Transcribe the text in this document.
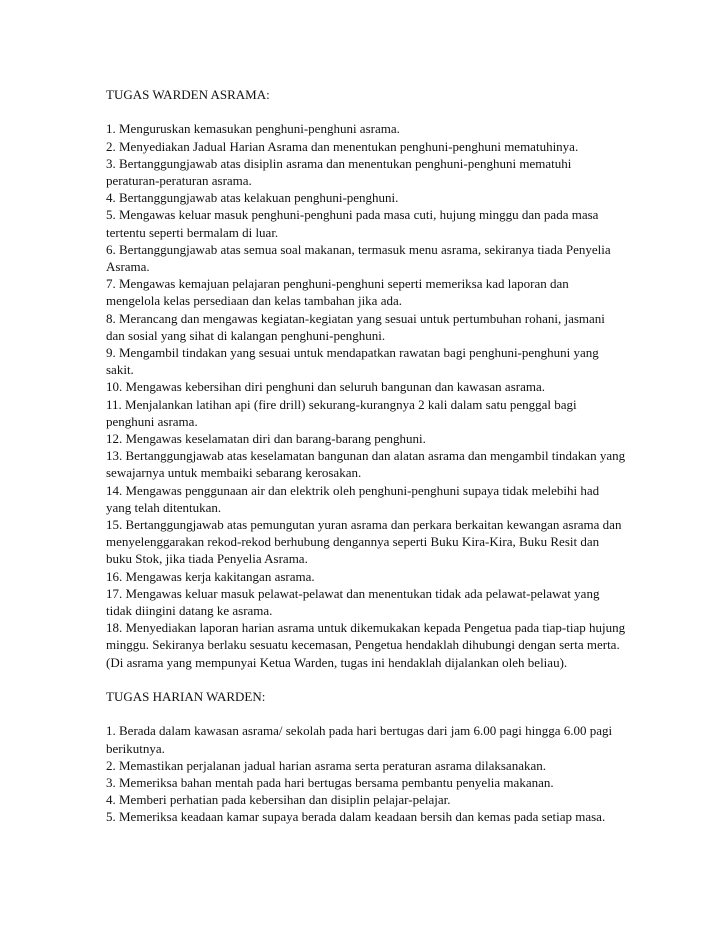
TUGAS WARDEN ASRAMA:

1. Menguruskan kemasukan penghuni-penghuni asrama.

2. Menyediakan Jadual Harian Asrama dan menentukan penghuni-penghuni mematuhinya.

3. Bertanggungjawab atas disiplin asrama dan menentukan penghuni-penghuni mematuhi peraturan-peraturan asrama.

4. Bertanggungjawab atas kelakuan penghuni-penghuni.

5. Mengawas keluar masuk penghuni-penghuni pada masa cuti, hujung minggu dan pada masa tertentu seperti bermalam di luar.

6. Bertanggungjawab atas semua soal makanan, termasuk menu asrama, sekiranya tiada Penyelia Asrama.

7. Mengawas kemajuan pelajaran penghuni-penghuni seperti memeriksa kad laporan dan mengelola kelas persediaan dan kelas tambahan jika ada.

8. Merancang dan mengawas kegiatan-kegiatan yang sesuai untuk pertumbuhan rohani, jasmani dan sosial yang sihat di kalangan penghuni-penghuni.

9. Mengambil tindakan yang sesuai untuk mendapatkan rawatan bagi penghuni-penghuni yang sakit.

10. Mengawas kebersihan diri penghuni dan seluruh bangunan dan kawasan asrama.

11. Menjalankan latihan api (fire drill) sekurang-kurangnya 2 kali dalam satu penggal bagi penghuni asrama.

12. Mengawas keselamatan diri dan barang-barang penghuni.

13. Bertanggungjawab atas keselamatan bangunan dan alatan asrama dan mengambil tindakan yang sewajarnya untuk membaiki sebarang kerosakan.

14. Mengawas penggunaan air dan elektrik oleh penghuni-penghuni supaya tidak melebihi had yang telah ditentukan.

15. Bertanggungjawab atas pemungutan yuran asrama dan perkara berkaitan kewangan asrama dan menyelenggarakan rekod-rekod berhubung dengannya seperti Buku Kira-Kira, Buku Resit dan buku Stok, jika tiada Penyelia Asrama.

16. Mengawas kerja kakitangan asrama.

17. Mengawas keluar masuk pelawat-pelawat dan menentukan tidak ada pelawat-pelawat yang tidak diingini datang ke asrama.

18. Menyediakan laporan harian asrama untuk dikemukakan kepada Pengetua pada tiap-tiap hujung minggu. Sekiranya berlaku sesuatu kecemasan, Pengetua hendaklah dihubungi dengan serta merta. (Di asrama yang mempunyai Ketua Warden, tugas ini hendaklah dijalankan oleh beliau).

TUGAS HARIAN WARDEN:

1. Berada dalam kawasan asrama/ sekolah pada hari bertugas dari jam 6.00 pagi hingga 6.00 pagi berikutnya.

2. Memastikan perjalanan jadual harian asrama serta peraturan asrama dilaksanakan.

3. Memeriksa bahan mentah pada hari bertugas bersama pembantu penyelia makanan.

4. Memberi perhatian pada kebersihan dan disiplin pelajar-pelajar.

5. Memeriksa keadaan kamar supaya berada dalam keadaan bersih dan kemas pada setiap masa.
